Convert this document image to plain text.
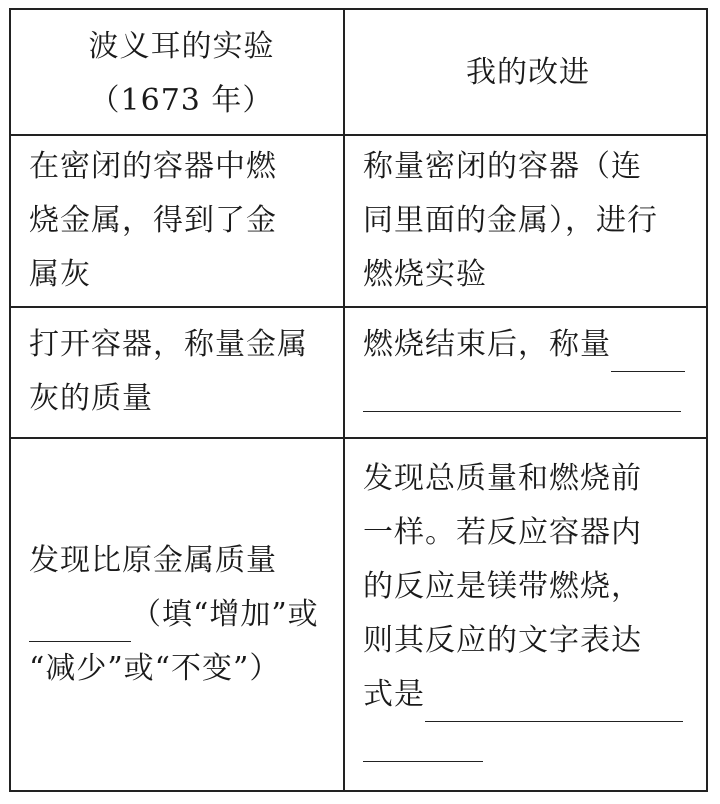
波义耳的实验
（1673 年）
我的改进
在密闭的容器中燃
烧金属，得到了金
属灰
称量密闭的容器（连
同里面的金属），进行
燃烧实验
打开容器，称量金属
灰的质量
燃烧结束后，称量
发现比原金属质量
（填“增加”或
“减少”或“不变”）
发现总质量和燃烧前
一样。若反应容器内
的反应是镁带燃烧，
则其反应的文字表达
式是
